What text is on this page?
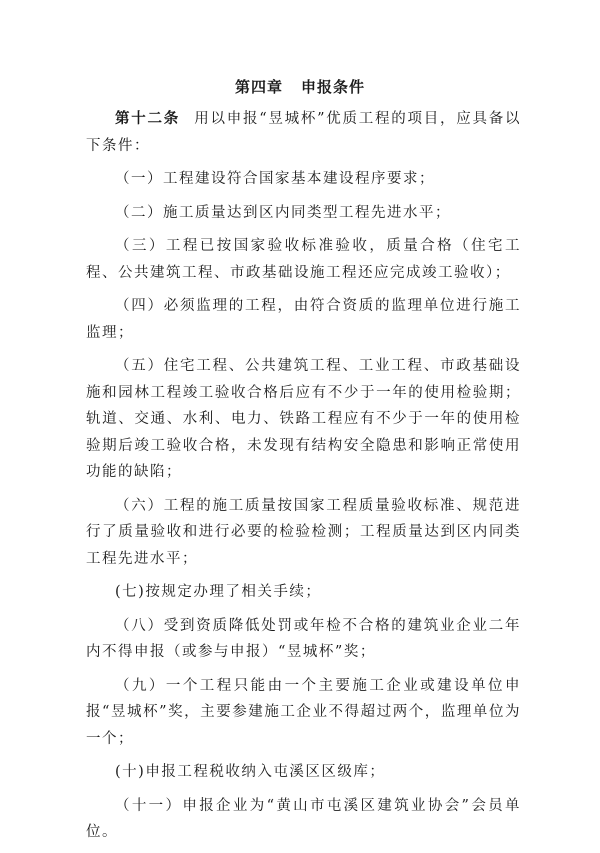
第四章 申报条件

第十二条 用以申报“昱城杯”优质工程的项目，应具备以下条件：

（一）工程建设符合国家基本建设程序要求；

（二）施工质量达到区内同类型工程先进水平；

（三）工程已按国家验收标准验收，质量合格（住宅工程、公共建筑工程、市政基础设施工程还应完成竣工验收）；

（四）必须监理的工程，由符合资质的监理单位进行施工监理；

（五）住宅工程、公共建筑工程、工业工程、市政基础设施和园林工程竣工验收合格后应有不少于一年的使用检验期；轨道、交通、水利、电力、铁路工程应有不少于一年的使用检验期后竣工验收合格，未发现有结构安全隐患和影响正常使用功能的缺陷；

（六）工程的施工质量按国家工程质量验收标准、规范进行了质量验收和进行必要的检验检测；工程质量达到区内同类工程先进水平；

(七)按规定办理了相关手续；

（八）受到资质降低处罚或年检不合格的建筑业企业二年内不得申报（或参与申报）“昱城杯”奖；

（九）一个工程只能由一个主要施工企业或建设单位申报“昱城杯”奖，主要参建施工企业不得超过两个，监理单位为一个；

(十)申报工程税收纳入屯溪区区级库；

（十一）申报企业为“黄山市屯溪区建筑业协会”会员单位。
